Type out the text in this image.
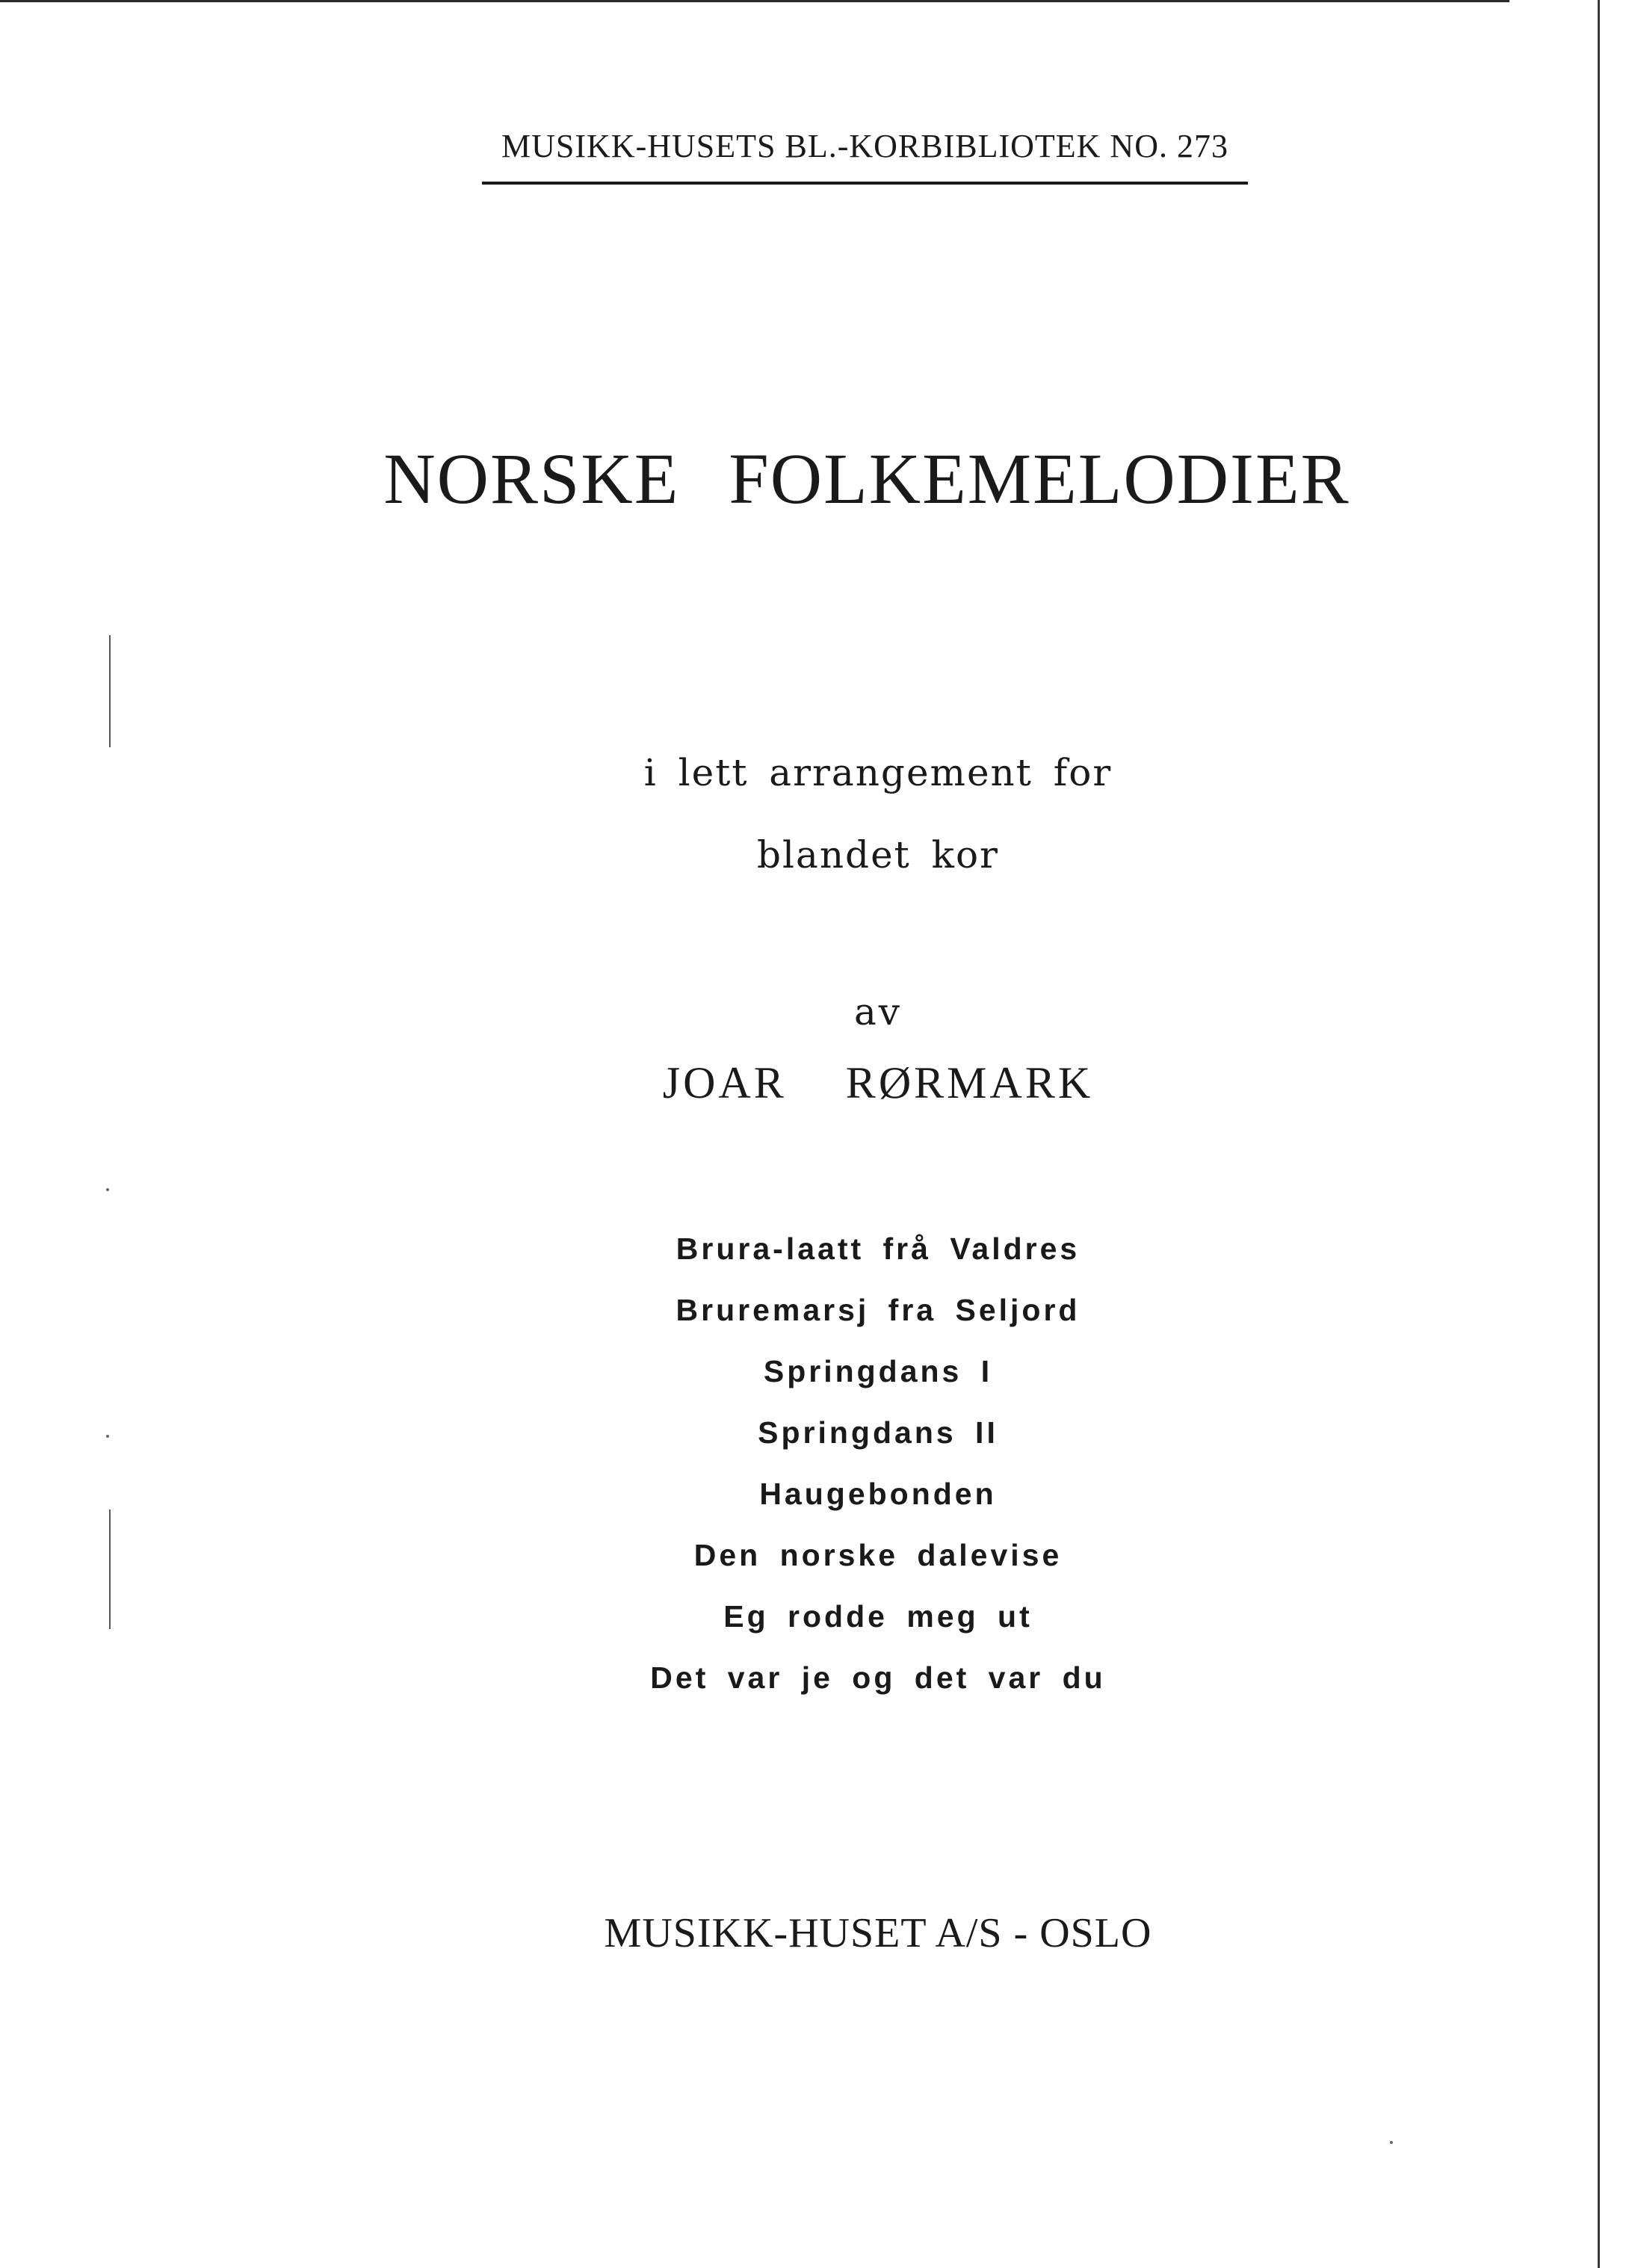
MUSIKK-HUSETS BL.-KORBIBLIOTEK NO. 273
NORSKE FOLKEMELODIER
i lett arrangement for
blandet kor
av
JOAR RØRMARK
Brura-laatt frå Valdres
Bruremarsj fra Seljord
Springdans I
Springdans II
Haugebonden
Den norske dalevise
Eg rodde meg ut
Det var je og det var du
MUSIKK-HUSET A/S - OSLO
